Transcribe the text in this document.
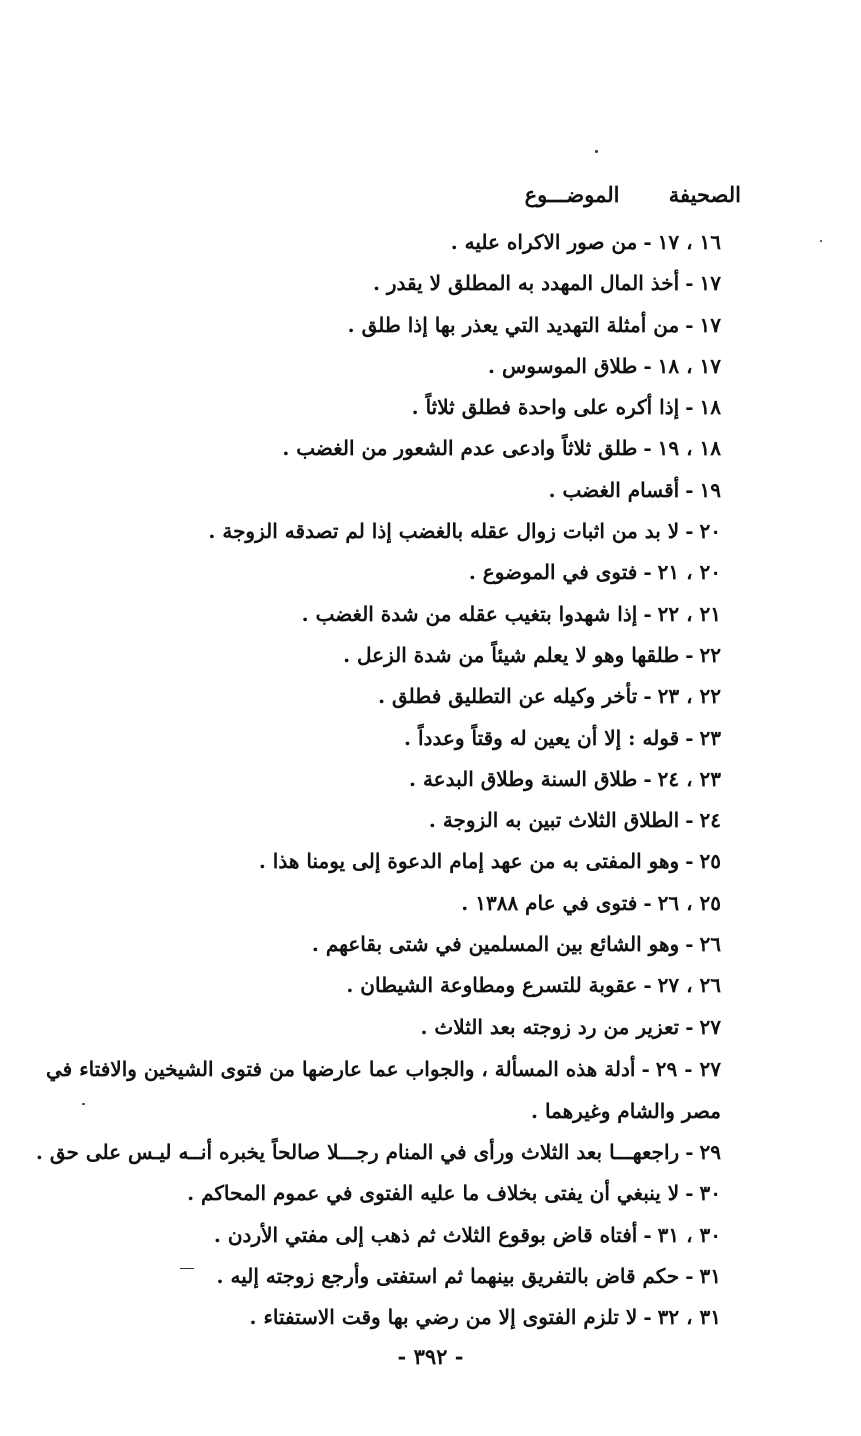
الصحيفة الموضـــوع
١٦ ، ١٧-من صور الاكراه عليه .
١٧-أخذ المال المهدد به المطلق لا يقدر .
١٧-من أمثلة التهديد التي يعذر بها إذا طلق .
١٧ ، ١٨-طلاق الموسوس .
١٨-إذا أكره على واحدة فطلق ثلاثاً .
١٨ ، ١٩-طلق ثلاثاً وادعى عدم الشعور من الغضب .
١٩-أقسام الغضب .
٢٠-لا بد من اثبات زوال عقله بالغضب إذا لم تصدقه الزوجة .
٢٠ ، ٢١-فتوى في الموضوع .
٢١ ، ٢٢-إذا شهدوا بتغيب عقله من شدة الغضب .
٢٢-طلقها وهو لا يعلم شيئاً من شدة الزعل .
٢٢ ، ٢٣-تأخر وكيله عن التطليق فطلق .
٢٣-قوله : إلا أن يعين له وقتاً وعدداً .
٢٣ ، ٢٤-طلاق السنة وطلاق البدعة .
٢٤-الطلاق الثلاث تبين به الزوجة .
٢٥-وهو المفتى به من عهد إمام الدعوة إلى يومنا هذا .
٢٥ ، ٢٦-فتوى في عام ١٣٨٨ .
٢٦-وهو الشائع بين المسلمين في شتى بقاعهم .
٢٦ ، ٢٧-عقوبة للتسرع ومطاوعة الشيطان .
٢٧-تعزير من رد زوجته بعد الثلاث .
٢٧ - ٢٩-أدلة هذه المسألة ، والجواب عما عارضها من فتوى الشيخين والافتاء في مصر والشام وغيرهما .
٢٩-راجعهـــا بعد الثلاث ورأى في المنام رجـــلا صالحاً يخبره أنــه ليـس على حق .
٣٠-لا ينبغي أن يفتى بخلاف ما عليه الفتوى في عموم المحاكم .
٣٠ ، ٣١-أفتاه قاض بوقوع الثلاث ثم ذهب إلى مفتي الأردن .
٣١-حكم قاض بالتفريق بينهما ثم استفتى وأرجع زوجته إليه .
٣١ ، ٣٢-لا تلزم الفتوى إلا من رضي بها وقت الاستفتاء .
- ٣٩٢ -
